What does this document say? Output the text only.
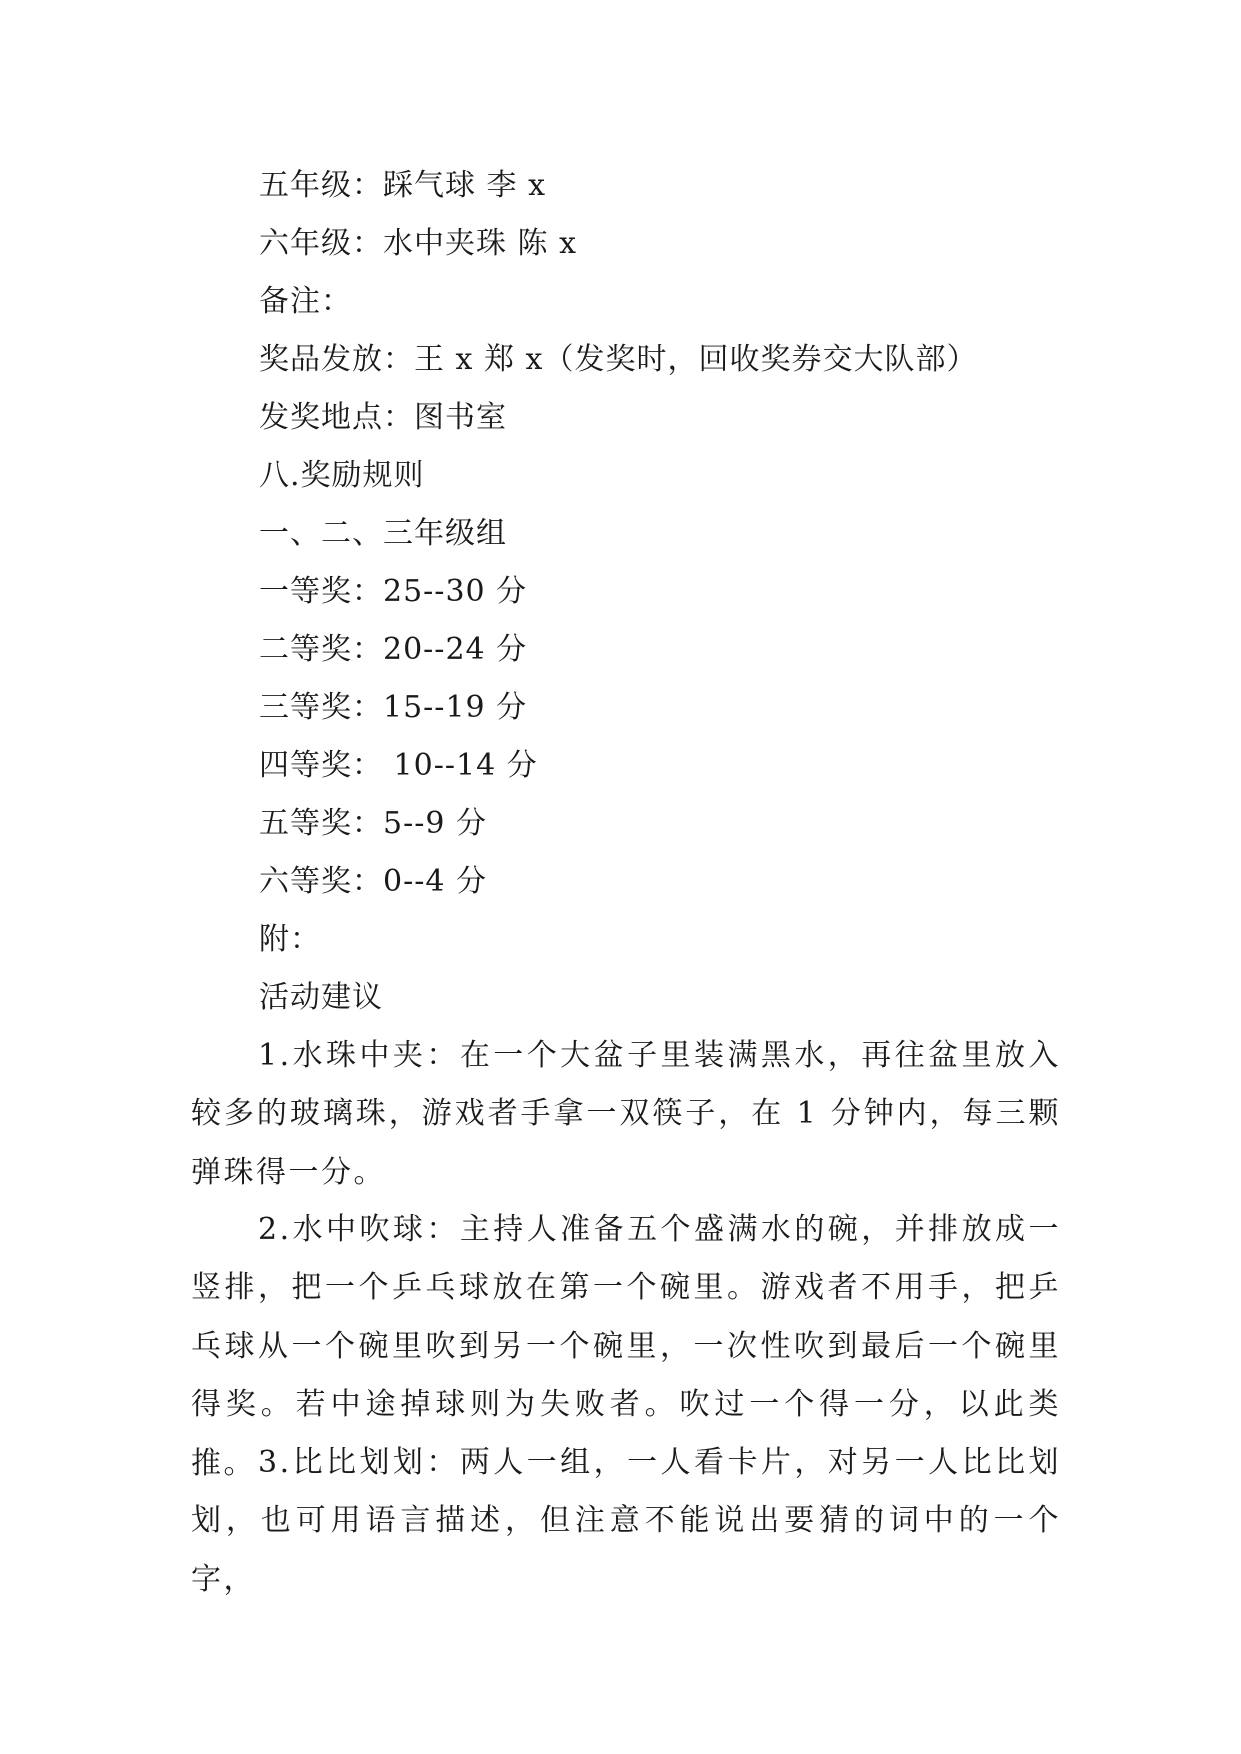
五年级：踩气球 李 x
六年级：水中夹珠 陈 x
备注：
奖品发放：王 x 郑 x（发奖时，回收奖券交大队部）
发奖地点：图书室
八.奖励规则
一、二、三年级组
一等奖：25--30 分
二等奖：20--24 分
三等奖：15--19 分
四等奖： 10--14 分
五等奖：5--9 分
六等奖：0--4 分
附：
活动建议
1.水珠中夹：在一个大盆子里装满黑水，再往盆里放入较多的玻璃珠，游戏者手拿一双筷子，在 1 分钟内，每三颗弹珠得一分。
2.水中吹球：主持人准备五个盛满水的碗，并排放成一竖排，把一个乒乓球放在第一个碗里。游戏者不用手，把乒乓球从一个碗里吹到另一个碗里，一次性吹到最后一个碗里得奖。若中途掉球则为失败者。吹过一个得一分，以此类推。 3.比比划划：两人一组，一人看卡片，对另一人比比划划，也可用语言描述，但注意不能说出要猜的词中的一个字，
